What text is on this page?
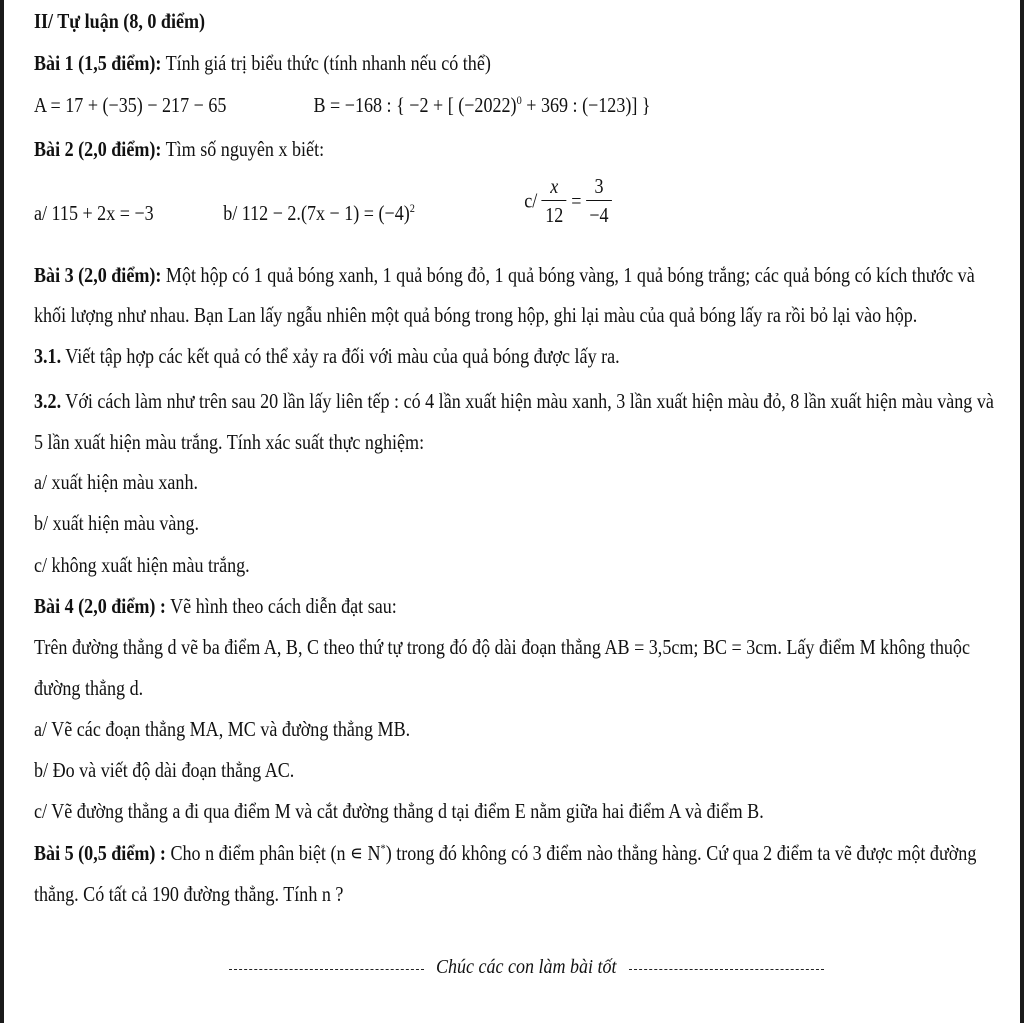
II/ Tự luận (8, 0 điểm)
Bài 1 (1,5 điểm): Tính giá trị biểu thức (tính nhanh nếu có thể)
A = 17 + (−35) − 217 − 65	B = −168 : { −2 + [ $(-2022)^0 + 369$ : (−123)] }
Bài 2 (2,0 điểm): Tìm số nguyên x biết:
a/ 115 + 2x = −3	b/ $112 - 2.(7x - 1) = (-4)^2$	$c/ \frac{x}{12} = \frac{3}{-4}$
Bài 3 (2,0 điểm): Một hộp có 1 quả bóng xanh, 1 quả bóng đỏ, 1 quả bóng vàng, 1 quả bóng trắng; các quả bóng có kích thước và
khối lượng như nhau. Bạn Lan lấy ngẫu nhiên một quả bóng trong hộp, ghi lại màu của quả bóng lấy ra rồi bỏ lại vào hộp.
3.1. Viết tập hợp các kết quả có thể xảy ra đối với màu của quả bóng được lấy ra.
3.2. Với cách làm như trên sau 20 lần lấy liên tếp : có 4 lần xuất hiện màu xanh, 3 lần xuất hiện màu đỏ, 8 lần xuất hiện màu vàng và
5 lần xuất hiện màu trắng. Tính xác suất thực nghiệm:
a/ xuất hiện màu xanh.
b/ xuất hiện màu vàng.
c/ không xuất hiện màu trắng.
Bài 4 (2,0 điểm) : Vẽ hình theo cách diễn đạt sau:
Trên đường thẳng d vẽ ba điểm A, B, C theo thứ tự trong đó độ dài đoạn thẳng AB = 3,5cm; BC = 3cm. Lấy điểm M không thuộc
đường thẳng d.
a/ Vẽ các đoạn thẳng MA, MC và đường thẳng MB.
b/ Đo và viết độ dài đoạn thẳng AC.
c/ Vẽ đường thẳng a đi qua điểm M và cắt đường thẳng d tại điểm E nằm giữa hai điểm A và điểm B.
Bài 5 (0,5 điểm) : Cho n điểm phân biệt (n ∊ N*) trong đó không có 3 điểm nào thẳng hàng. Cứ qua 2 điểm ta vẽ được một đường
thẳng. Có tất cả 190 đường thẳng. Tính n ?
Chúc các con làm bài tốt
